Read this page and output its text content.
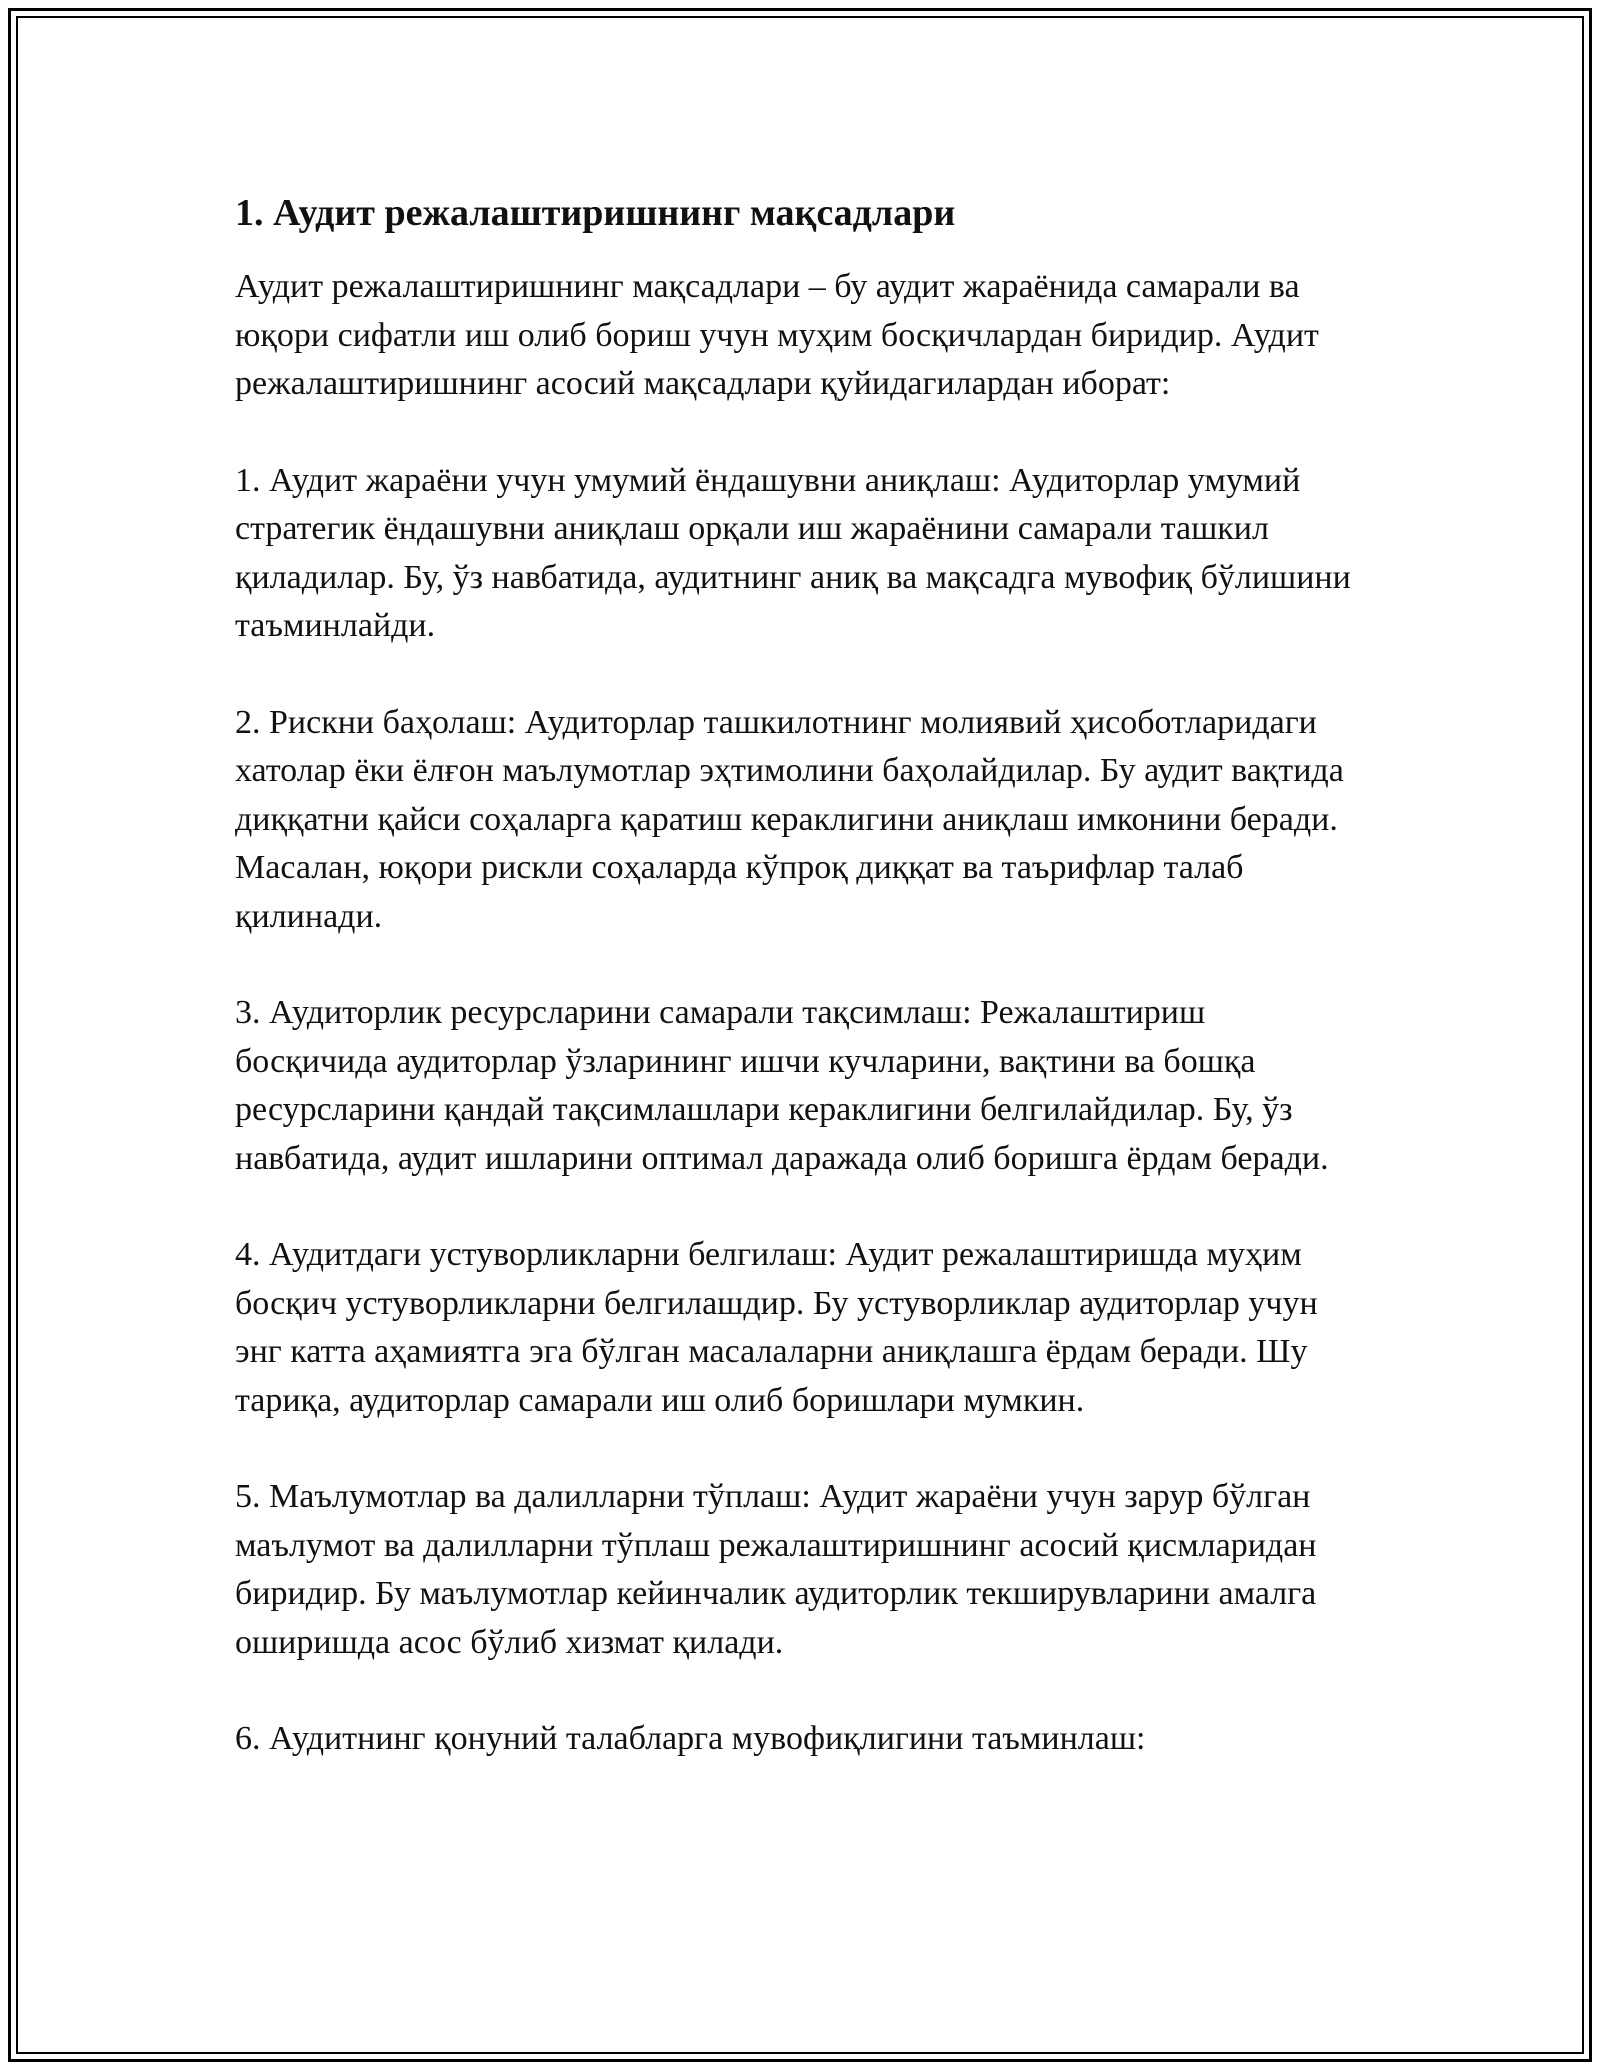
1. Аудит режалаштиришнинг мақсадлари

Аудит режалаштиришнинг мақсадлари – бу аудит жараёнида самарали ва юқори сифатли иш олиб бориш учун муҳим босқичлардан биридир. Аудит режалаштиришнинг асосий мақсадлари қуйидагилардан иборат:

1. Аудит жараёни учун умумий ёндашувни аниқлаш: Аудиторлар умумий стратегик ёндашувни аниқлаш орқали иш жараёнини самарали ташкил қиладилар. Бу, ўз навбатида, аудитнинг аниқ ва мақсадга мувофиқ бўлишини таъминлайди.

2. Рискни баҳолаш: Аудиторлар ташкилотнинг молиявий ҳисоботларидаги хатолар ёки ёлғон маълумотлар эҳтимолини баҳолайдилар. Бу аудит вақтида диққатни қайси соҳаларга қаратиш кераклигини аниқлаш имконини беради. Масалан, юқори рискли соҳаларда кўпроқ диққат ва таърифлар талаб қилинади.

3. Аудиторлик ресурсларини самарали тақсимлаш: Режалаштириш босқичида аудиторлар ўзларининг ишчи кучларини, вақтини ва бошқа ресурсларини қандай тақсимлашлари кераклигини белгилайдилар. Бу, ўз навбатида, аудит ишларини оптимал даражада олиб боришга ёрдам беради.

4. Аудитдаги устуворликларни белгилаш: Аудит режалаштиришда муҳим босқич устуворликларни белгилашдир. Бу устуворликлар аудиторлар учун энг катта аҳамиятга эга бўлган масалаларни аниқлашга ёрдам беради. Шу тариқа, аудиторлар самарали иш олиб боришлари мумкин.

5. Маълумотлар ва далилларни тўплаш: Аудит жараёни учун зарур бўлган маълумот ва далилларни тўплаш режалаштиришнинг асосий қисмларидан биридир. Бу маълумотлар кейинчалик аудиторлик текширувларини амалга оширишда асос бўлиб хизмат қилади.

6. Аудитнинг қонуний талабларга мувофиқлигини таъминлаш:
